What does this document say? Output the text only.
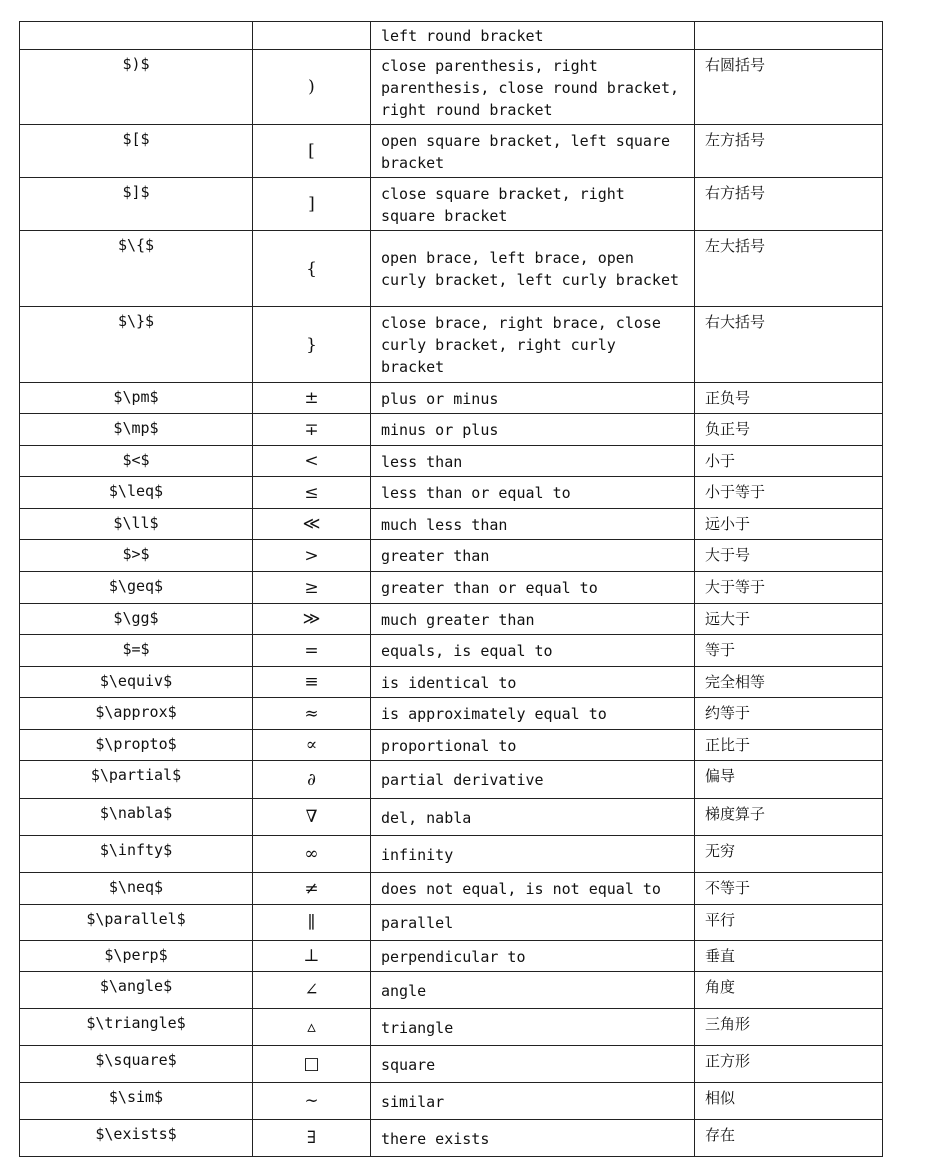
		left round bracket	
$)$	)	close parenthesis, right parenthesis, close round bracket, right round bracket	右圆括号
$[$	[	open square bracket, left square bracket	左方括号
$]$	]	close square bracket, right square bracket	右方括号
$\{$	{	open brace, left brace, open curly bracket, left curly bracket	左大括号
$\}$	}	close brace, right brace, close curly bracket, right curly bracket	右大括号
$\pm$	±	plus or minus	正负号
$\mp$	∓	minus or plus	负正号
$<$	<	less than	小于
$\leq$	≤	less than or equal to	小于等于
$\ll$	≪	much less than	远小于
$>$	>	greater than	大于号
$\geq$	≥	greater than or equal to	大于等于
$\gg$	≫	much greater than	远大于
$=$	=	equals, is equal to	等于
$\equiv$	≡	is identical to	完全相等
$\approx$	≈	is approximately equal to	约等于
$\propto$	∝	proportional to	正比于
$\partial$	∂	partial derivative	偏导
$\nabla$	∇	del, nabla	梯度算子
$\infty$	∞	infinity	无穷
$\neq$	≠	does not equal, is not equal to	不等于
$\parallel$	∥	parallel	平行
$\perp$	⊥	perpendicular to	垂直
$\angle$	∠	angle	角度
$\triangle$	▵	triangle	三角形
$\square$	□	square	正方形
$\sim$	∼	similar	相似
$\exists$	∃	there exists	存在
